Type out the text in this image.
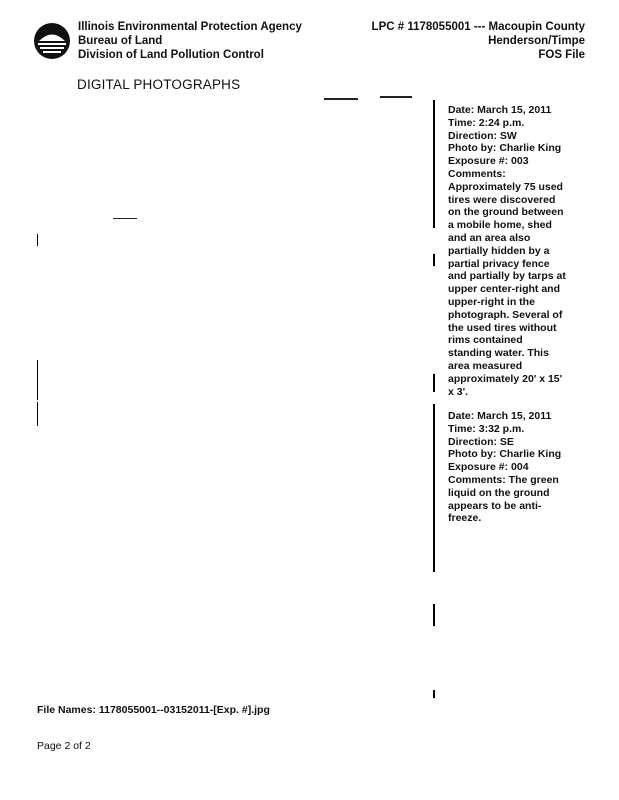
Illinois Environmental Protection Agency
Bureau of Land
Division of Land Pollution Control
LPC # 1178055001 --- Macoupin County
Henderson/Timpe
FOS File
DIGITAL PHOTOGRAPHS
Date: March 15, 2011
Time: 2:24 p.m.
Direction: SW
Photo by: Charlie King
Exposure #: 003
Comments:
Approximately 75 used
tires were discovered
on the ground between
a mobile home, shed
and an area also
partially hidden by a
partial privacy fence
and partially by tarps at
upper center-right and
upper-right in the
photograph. Several of
the used tires without
rims contained
standing water. This
area measured
approximately 20' x 15'
x 3'.
Date: March 15, 2011
Time: 3:32 p.m.
Direction: SE
Photo by: Charlie King
Exposure #: 004
Comments: The green
liquid on the ground
appears to be anti-
freeze.
File Names: 1178055001--03152011-[Exp. #].jpg
Page 2 of 2
